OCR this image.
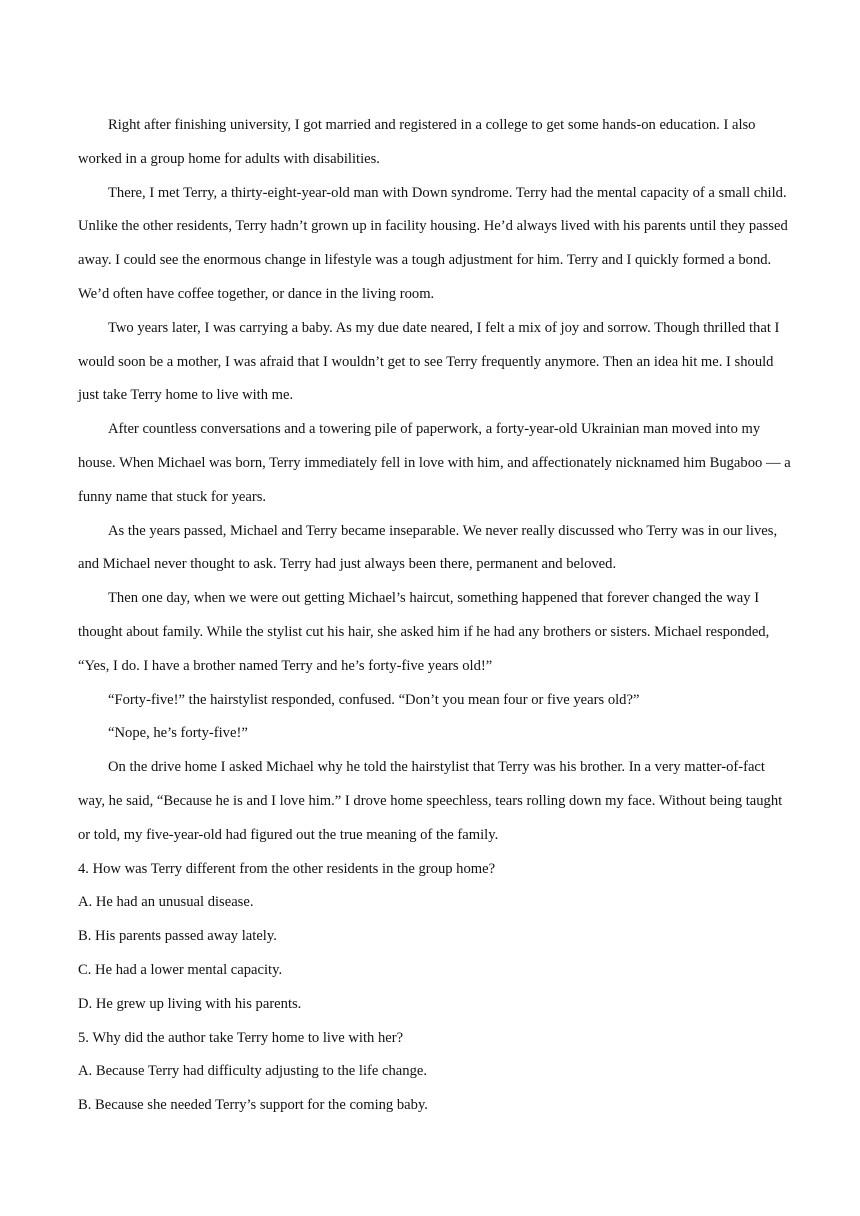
Right after finishing university, I got married and registered in a college to get some hands-on education. I also worked in a group home for adults with disabilities.

There, I met Terry, a thirty-eight-year-old man with Down syndrome. Terry had the mental capacity of a small child. Unlike the other residents, Terry hadn’t grown up in facility housing. He’d always lived with his parents until they passed away. I could see the enormous change in lifestyle was a tough adjustment for him. Terry and I quickly formed a bond. We’d often have coffee together, or dance in the living room.

Two years later, I was carrying a baby. As my due date neared, I felt a mix of joy and sorrow. Though thrilled that I would soon be a mother, I was afraid that I wouldn’t get to see Terry frequently anymore. Then an idea hit me. I should just take Terry home to live with me.

After countless conversations and a towering pile of paperwork, a forty-year-old Ukrainian man moved into my house. When Michael was born, Terry immediately fell in love with him, and affectionately nicknamed him Bugaboo — a funny name that stuck for years.

As the years passed, Michael and Terry became inseparable. We never really discussed who Terry was in our lives, and Michael never thought to ask. Terry had just always been there, permanent and beloved.

Then one day, when we were out getting Michael’s haircut, something happened that forever changed the way I thought about family. While the stylist cut his hair, she asked him if he had any brothers or sisters. Michael responded, “Yes, I do. I have a brother named Terry and he’s forty-five years old!”

“Forty-five!” the hairstylist responded, confused. “Don’t you mean four or five years old?”

“Nope, he’s forty-five!”

On the drive home I asked Michael why he told the hairstylist that Terry was his brother. In a very matter-of-fact way, he said, “Because he is and I love him.” I drove home speechless, tears rolling down my face. Without being taught or told, my five-year-old had figured out the true meaning of the family.

4. How was Terry different from the other residents in the group home?

A. He had an unusual disease.

B. His parents passed away lately.

C. He had a lower mental capacity.

D. He grew up living with his parents.

5. Why did the author take Terry home to live with her?

A. Because Terry had difficulty adjusting to the life change.

B. Because she needed Terry’s support for the coming baby.
